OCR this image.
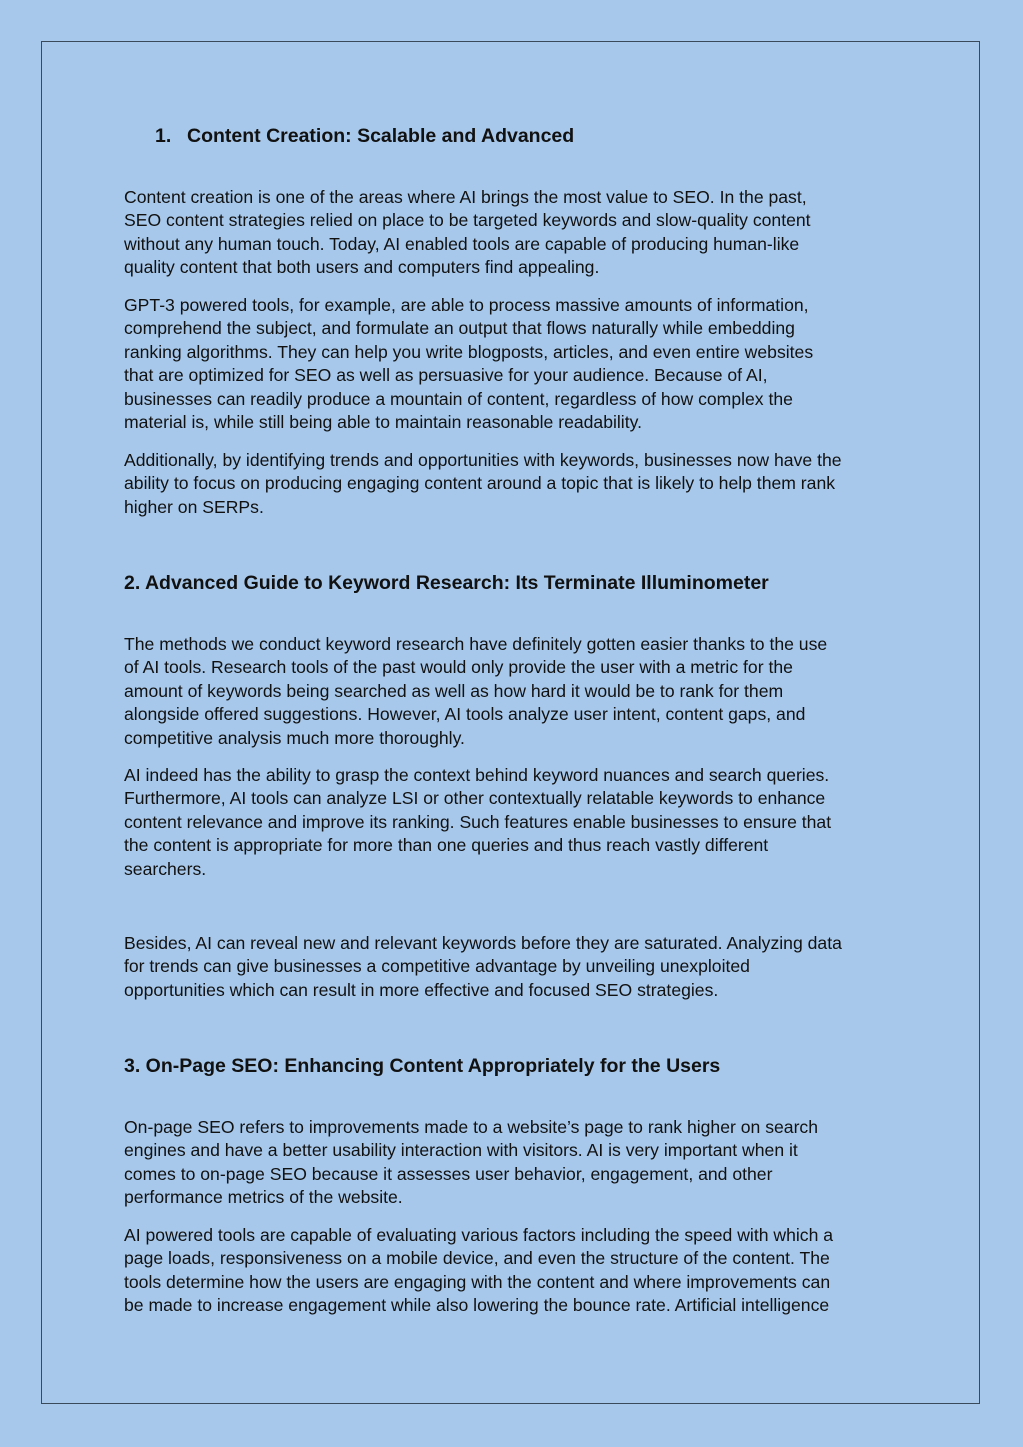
1. Content Creation: Scalable and Advanced

Content creation is one of the areas where AI brings the most value to SEO. In the past,
SEO content strategies relied on place to be targeted keywords and slow-quality content
without any human touch. Today, AI enabled tools are capable of producing human-like
quality content that both users and computers find appealing.

GPT-3 powered tools, for example, are able to process massive amounts of information,
comprehend the subject, and formulate an output that flows naturally while embedding
ranking algorithms. They can help you write blogposts, articles, and even entire websites
that are optimized for SEO as well as persuasive for your audience. Because of AI,
businesses can readily produce a mountain of content, regardless of how complex the
material is, while still being able to maintain reasonable readability.

Additionally, by identifying trends and opportunities with keywords, businesses now have the
ability to focus on producing engaging content around a topic that is likely to help them rank
higher on SERPs.

2. Advanced Guide to Keyword Research: Its Terminate Illuminometer

The methods we conduct keyword research have definitely gotten easier thanks to the use
of AI tools. Research tools of the past would only provide the user with a metric for the
amount of keywords being searched as well as how hard it would be to rank for them
alongside offered suggestions. However, AI tools analyze user intent, content gaps, and
competitive analysis much more thoroughly.

AI indeed has the ability to grasp the context behind keyword nuances and search queries.
Furthermore, AI tools can analyze LSI or other contextually relatable keywords to enhance
content relevance and improve its ranking. Such features enable businesses to ensure that
the content is appropriate for more than one queries and thus reach vastly different
searchers.

Besides, AI can reveal new and relevant keywords before they are saturated. Analyzing data
for trends can give businesses a competitive advantage by unveiling unexploited
opportunities which can result in more effective and focused SEO strategies.

3. On-Page SEO: Enhancing Content Appropriately for the Users

On-page SEO refers to improvements made to a website’s page to rank higher on search
engines and have a better usability interaction with visitors. AI is very important when it
comes to on-page SEO because it assesses user behavior, engagement, and other
performance metrics of the website.

AI powered tools are capable of evaluating various factors including the speed with which a
page loads, responsiveness on a mobile device, and even the structure of the content. The
tools determine how the users are engaging with the content and where improvements can
be made to increase engagement while also lowering the bounce rate. Artificial intelligence
